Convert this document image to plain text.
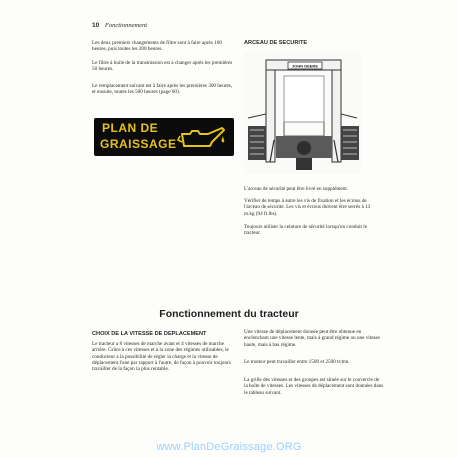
10 Fonctionnement

Les deux premiers changements de filtre sont à faire après 100 heures, puis toutes les 200 heures.

Le filtre à huile de la transmission est à changer après les premières 50 heures.

Le remplacement suivant est à faire après les premières 300 heures, et ensuite, toutes les 500 heures (page 60).

PLAN DE
GRAISSAGE
ARCEAU DE SECURITE
JOHN DEERE

L'arceau de sécurité peut être livré en supplément.

Vérifier de temps à autre les vis de fixation et les écrous de l'arceau de sécurité. Les vis et écrous doivent être serrés à 13 m.kg (94 ft.lbs).

Toujours utiliser la ceinture de sécurité lorsqu'on conduit le tracteur.

Fonctionnement du tracteur
CHOIX DE LA VITESSE DE DEPLACEMENT

Le tracteur a 8 vitesses de marche avant et 4 vitesses de marche arrière. Grâce à ces vitesses et à la zone des régimes utilisables, le conducteur a la possibilité de régler la charge et la vitesse de déplacement l'une par rapport à l'autre, de façon à pouvoir toujours travailler de la façon la plus rentable.

Une vitesse de déplacement donnée peut être obtenue en enclenchant une vitesse lente, mais à grand régime ou une vitesse haute, mais à bas régime.

Le moteur peut travailler entre 1500 et 2500 tr/mn.

La grille des vitesses et des groupes est située sur le couvercle de la boîte de vitesses. Les vitesses de déplacement sont données dans le tableau suivant.

www.PlanDeGraissage.ORG
